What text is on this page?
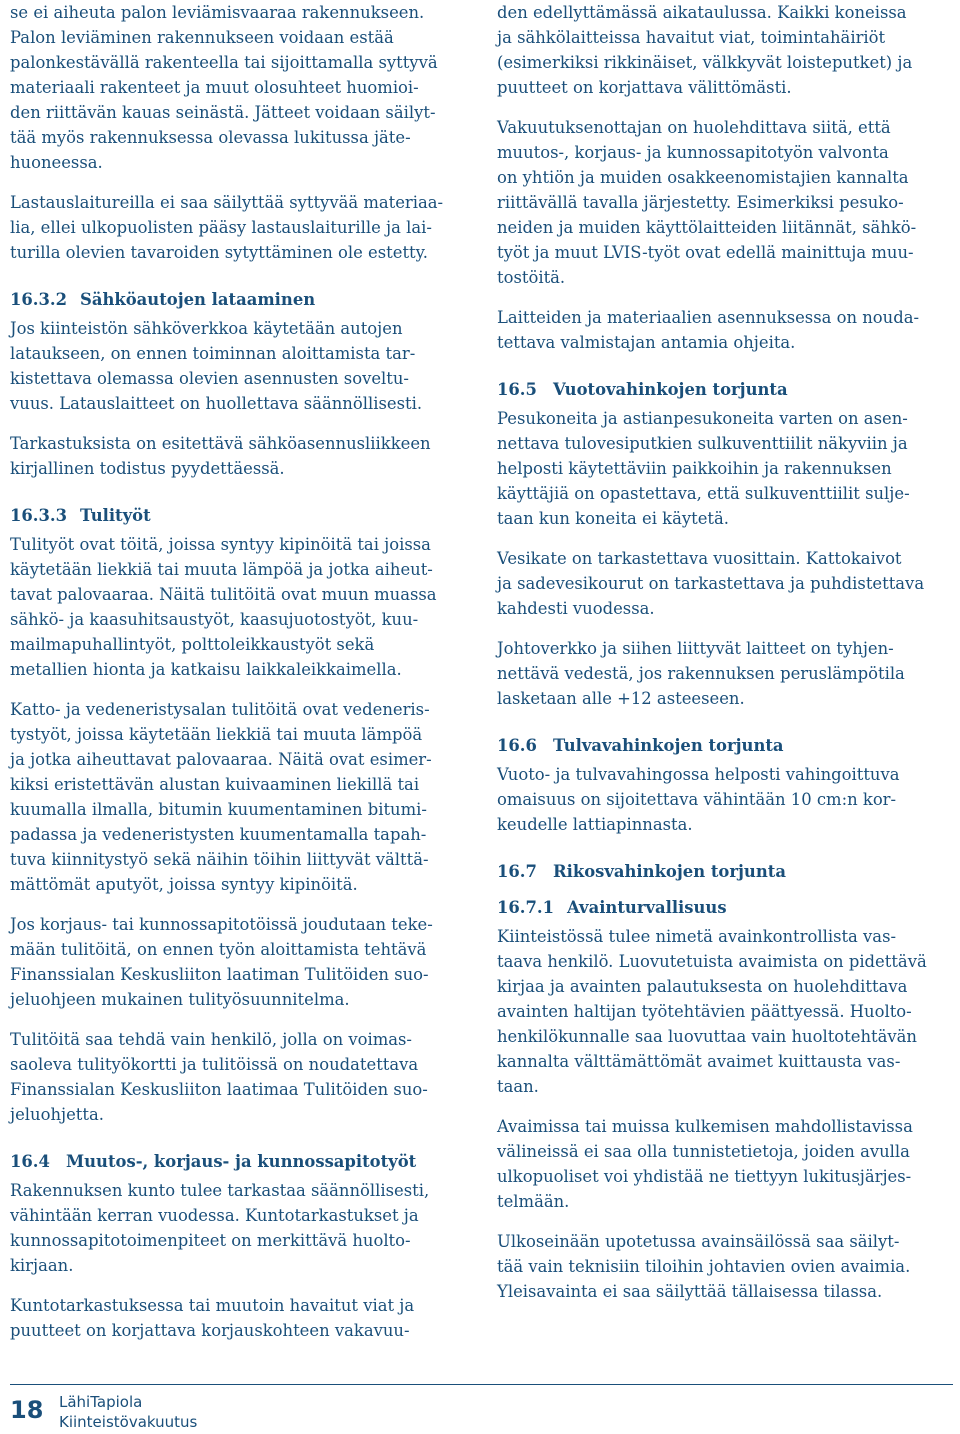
se ei aiheuta palon leviämisvaaraa rakennukseen.
Palon leviäminen rakennukseen voidaan estää
palonkestävällä rakenteella tai sijoittamalla syttyvä
materiaali rakenteet ja muut olosuhteet huomioi-
den riittävän kauas seinästä. Jätteet voidaan säilyt-
tää myös rakennuksessa olevassa lukitussa jäte-
huoneessa.

Lastauslaitureilla ei saa säilyttää syttyvää materiaa-
lia, ellei ulkopuolisten pääsy lastauslaiturille ja lai-
turilla olevien tavaroiden sytyttäminen ole estetty.

16.3.2 Sähköautojen lataaminen

Jos kiinteistön sähköverkkoa käytetään autojen
lataukseen, on ennen toiminnan aloittamista tar-
kistettava olemassa olevien asennusten soveltu-
vuus. Latauslaitteet on huollettava säännöllisesti.

Tarkastuksista on esitettävä sähköasennusliikkeen
kirjallinen todistus pyydettäessä.

16.3.3 Tulityöt

Tulityöt ovat töitä, joissa syntyy kipinöitä tai joissa
käytetään liekkiä tai muuta lämpöä ja jotka aiheut-
tavat palovaaraa. Näitä tulitöitä ovat muun muassa
sähkö- ja kaasuhitsaustyöt, kaasujuotostyöt, kuu-
mailmapuhallintyöt, polttoleikkaustyöt sekä
metallien hionta ja katkaisu laikkaleikkaimella.

Katto- ja vedeneristysalan tulitöitä ovat vedeneris-
tystyöt, joissa käytetään liekkiä tai muuta lämpöä
ja jotka aiheuttavat palovaaraa. Näitä ovat esimer-
kiksi eristettävän alustan kuivaaminen liekillä tai
kuumalla ilmalla, bitumin kuumentaminen bitumi-
padassa ja vedeneristysten kuumentamalla tapah-
tuva kiinnitystyö sekä näihin töihin liittyvät välttä-
mättömät aputyöt, joissa syntyy kipinöitä.

Jos korjaus- tai kunnossapitotöissä joudutaan teke-
mään tulitöitä, on ennen työn aloittamista tehtävä
Finanssialan Keskusliiton laatiman Tulitöiden suo-
jeluohjeen mukainen tulityösuunnitelma.

Tulitöitä saa tehdä vain henkilö, jolla on voimas-
saoleva tulityökortti ja tulitöissä on noudatettava
Finanssialan Keskusliiton laatimaa Tulitöiden suo-
jeluohjetta.

16.4 Muutos-, korjaus- ja kunnossapitotyöt

Rakennuksen kunto tulee tarkastaa säännöllisesti,
vähintään kerran vuodessa. Kuntotarkastukset ja
kunnossapitotoimenpiteet on merkittävä huolto-
kirjaan.

Kuntotarkastuksessa tai muutoin havaitut viat ja
puutteet on korjattava korjauskohteen vakavuu-

den edellyttämässä aikataulussa. Kaikki koneissa
ja sähkölaitteissa havaitut viat, toimintahäiriöt
(esimerkiksi rikkinäiset, välkkyvät loisteputket) ja
puutteet on korjattava välittömästi.

Vakuutuksenottajan on huolehdittava siitä, että
muutos-, korjaus- ja kunnossapitotyön valvonta
on yhtiön ja muiden osakkeenomistajien kannalta
riittävällä tavalla järjestetty. Esimerkiksi pesuko-
neiden ja muiden käyttölaitteiden liitännät, sähkö-
työt ja muut LVIS-työt ovat edellä mainittuja muu-
tostöitä.

Laitteiden ja materiaalien asennuksessa on nouda-
tettava valmistajan antamia ohjeita.

16.5 Vuotovahinkojen torjunta

Pesukoneita ja astianpesukoneita varten on asen-
nettava tulovesiputkien sulkuventtiilit näkyviin ja
helposti käytettäviin paikkoihin ja rakennuksen
käyttäjiä on opastettava, että sulkuventtiilit sulje-
taan kun koneita ei käytetä.

Vesikate on tarkastettava vuosittain. Kattokaivot
ja sadevesikourut on tarkastettava ja puhdistettava
kahdesti vuodessa.

Johtoverkko ja siihen liittyvät laitteet on tyhjen-
nettävä vedestä, jos rakennuksen peruslämpötila
lasketaan alle +12 asteeseen.

16.6 Tulvavahinkojen torjunta

Vuoto- ja tulvavahingossa helposti vahingoittuva
omaisuus on sijoitettava vähintään 10 cm:n kor-
keudelle lattiapinnasta.

16.7 Rikosvahinkojen torjunta
16.7.1 Avainturvallisuus

Kiinteistössä tulee nimetä avainkontrollista vas-
taava henkilö. Luovutetuista avaimista on pidettävä
kirjaa ja avainten palautuksesta on huolehdittava
avainten haltijan työtehtävien päättyessä. Huolto-
henkilökunnalle saa luovuttaa vain huoltotehtävän
kannalta välttämättömät avaimet kuittausta vas-
taan.

Avaimissa tai muissa kulkemisen mahdollistavissa
välineissä ei saa olla tunnistetietoja, joiden avulla
ulkopuoliset voi yhdistää ne tiettyyn lukitusjärjes-
telmään.

Ulkoseinään upotetussa avainsäilössä saa säilyt-
tää vain teknisiin tiloihin johtavien ovien avaimia.
Yleisavainta ei saa säilyttää tällaisessa tilassa.

18 LähiTapiola
Kiinteistövakuutus
